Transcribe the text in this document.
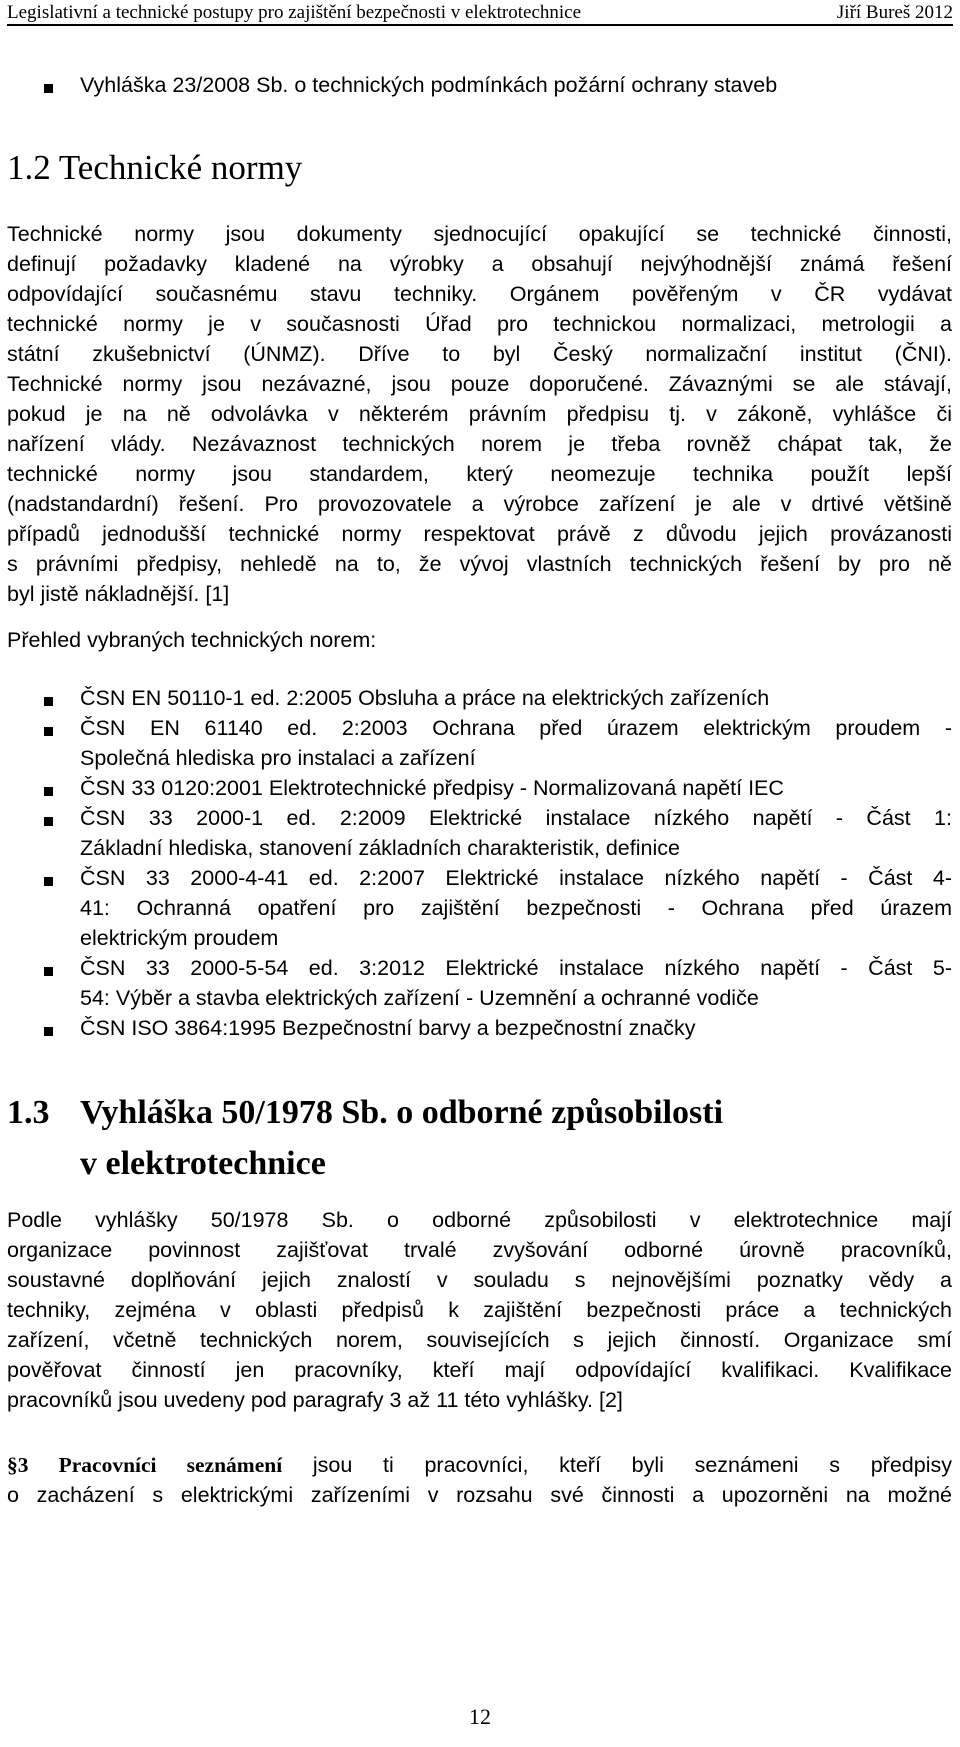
Legislativní a technické postupy pro zajištění bezpečnosti v elektrotechnice	Jiří Bureš 2012
Vyhláška 23/2008 Sb. o technických podmínkách požární ochrany staveb
1.2 Technické normy
Technické normy jsou dokumenty sjednocující opakující se technické činnosti,
definují požadavky kladené na výrobky a obsahují nejvýhodnější známá řešení
odpovídající současnému stavu techniky. Orgánem pověřeným v ČR vydávat
technické normy je v současnosti Úřad pro technickou normalizaci, metrologii a
státní zkušebnictví (ÚNMZ). Dříve to byl Český normalizační institut (ČNI).
Technické normy jsou nezávazné, jsou pouze doporučené. Závaznými se ale stávají,
pokud je na ně odvolávka v některém právním předpisu tj. v zákoně, vyhlášce či
nařízení vlády. Nezávaznost technických norem je třeba rovněž chápat tak, že
technické normy jsou standardem, který neomezuje technika použít lepší
(nadstandardní) řešení. Pro provozovatele a výrobce zařízení je ale v drtivé většině
případů jednodušší technické normy respektovat právě z důvodu jejich provázanosti
s právními předpisy, nehledě na to, že vývoj vlastních technických řešení by pro ně
byl jistě nákladnější. [1]
Přehled vybraných technických norem:
ČSN EN 50110-1 ed. 2:2005 Obsluha a práce na elektrických zařízeních
ČSN EN 61140 ed. 2:2003 Ochrana před úrazem elektrickým proudem -
Společná hlediska pro instalaci a zařízení
ČSN 33 0120:2001 Elektrotechnické předpisy - Normalizovaná napětí IEC
ČSN 33 2000-1 ed. 2:2009 Elektrické instalace nízkého napětí - Část 1:
Základní hlediska, stanovení základních charakteristik, definice
ČSN 33 2000-4-41 ed. 2:2007 Elektrické instalace nízkého napětí - Část 4-
41: Ochranná opatření pro zajištění bezpečnosti - Ochrana před úrazem
elektrickým proudem
ČSN 33 2000-5-54 ed. 3:2012 Elektrické instalace nízkého napětí - Část 5-
54: Výběr a stavba elektrických zařízení - Uzemnění a ochranné vodiče
ČSN ISO 3864:1995 Bezpečnostní barvy a bezpečnostní značky
1.3 Vyhláška 50/1978 Sb. o odborné způsobilosti
v elektrotechnice
Podle vyhlášky 50/1978 Sb. o odborné způsobilosti v elektrotechnice mají
organizace povinnost zajišťovat trvalé zvyšování odborné úrovně pracovníků,
soustavné doplňování jejich znalostí v souladu s nejnovějšími poznatky vědy a
techniky, zejména v oblasti předpisů k zajištění bezpečnosti práce a technických
zařízení, včetně technických norem, souvisejících s jejich činností. Organizace smí
pověřovat činností jen pracovníky, kteří mají odpovídající kvalifikaci. Kvalifikace
pracovníků jsou uvedeny pod paragrafy 3 až 11 této vyhlášky. [2]
§3 Pracovníci seznámení jsou ti pracovníci, kteří byli seznámeni s předpisy
o zacházení s elektrickými zařízeními v rozsahu své činnosti a upozorněni na možné
12
